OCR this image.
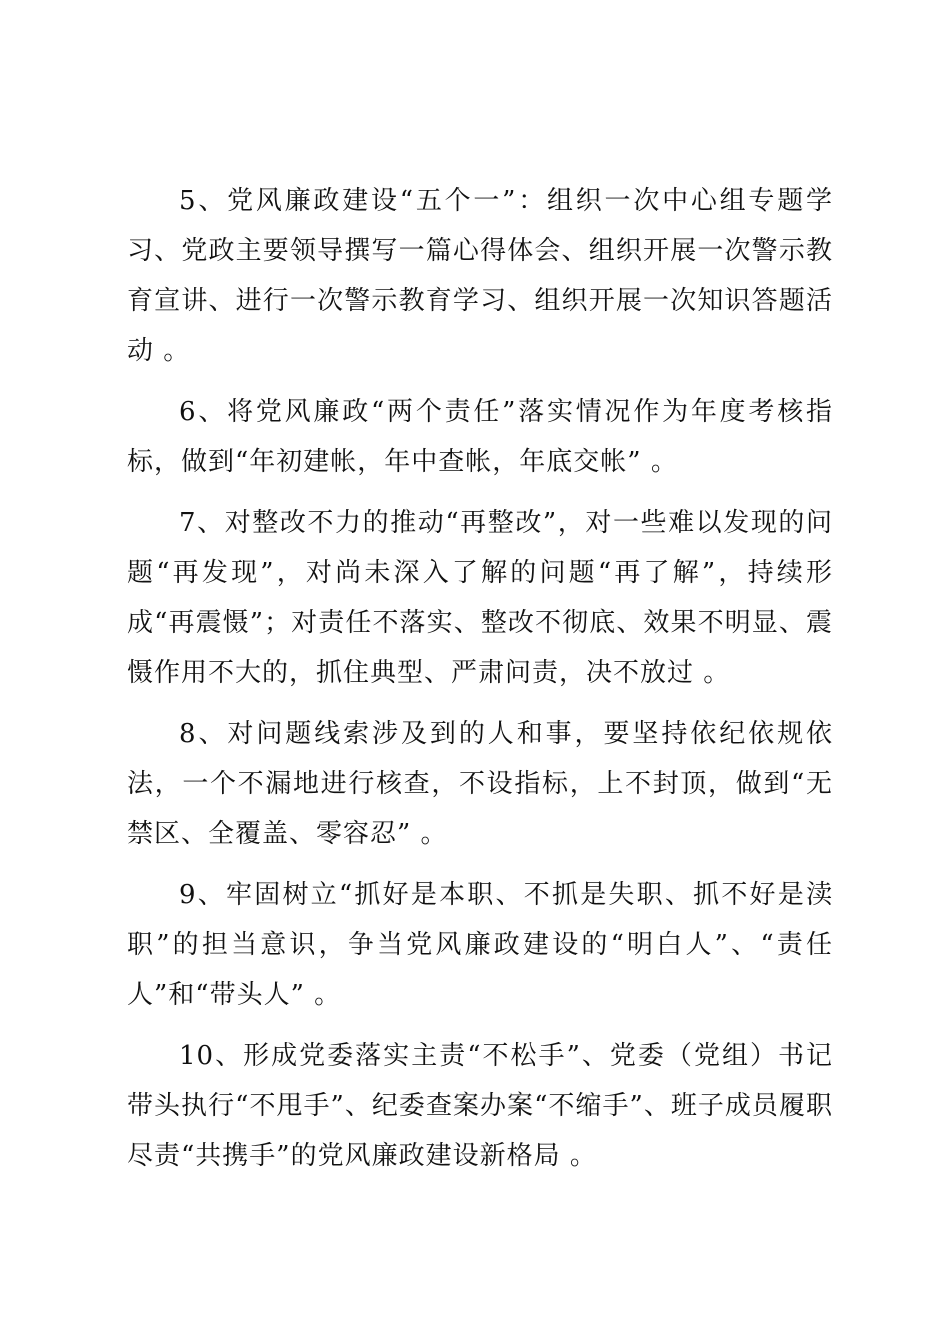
5、党风廉政建设“五个一”：组织一次中心组专题学习、党政主要领导撰写一篇心得体会、组织开展一次警示教育宣讲、进行一次警示教育学习、组织开展一次知识答题活动 。

6、将党风廉政“两个责任”落实情况作为年度考核指标，做到“年初建帐，年中查帐，年底交帐” 。

7、对整改不力的推动“再整改”，对一些难以发现的问题“再发现”，对尚未深入了解的问题“再了解”，持续形成“再震慑”；对责任不落实、整改不彻底、效果不明显、震慑作用不大的，抓住典型、严肃问责，决不放过 。

8、对问题线索涉及到的人和事，要坚持依纪依规依法，一个不漏地进行核查，不设指标，上不封顶，做到“无禁区、全覆盖、零容忍” 。

9、牢固树立“抓好是本职、不抓是失职、抓不好是渎职”的担当意识，争当党风廉政建设的“明白人”、“责任人”和“带头人” 。

10、形成党委落实主责“不松手”、党委（党组）书记带头执行“不甩手”、纪委查案办案“不缩手”、班子成员履职尽责“共携手”的党风廉政建设新格局 。
